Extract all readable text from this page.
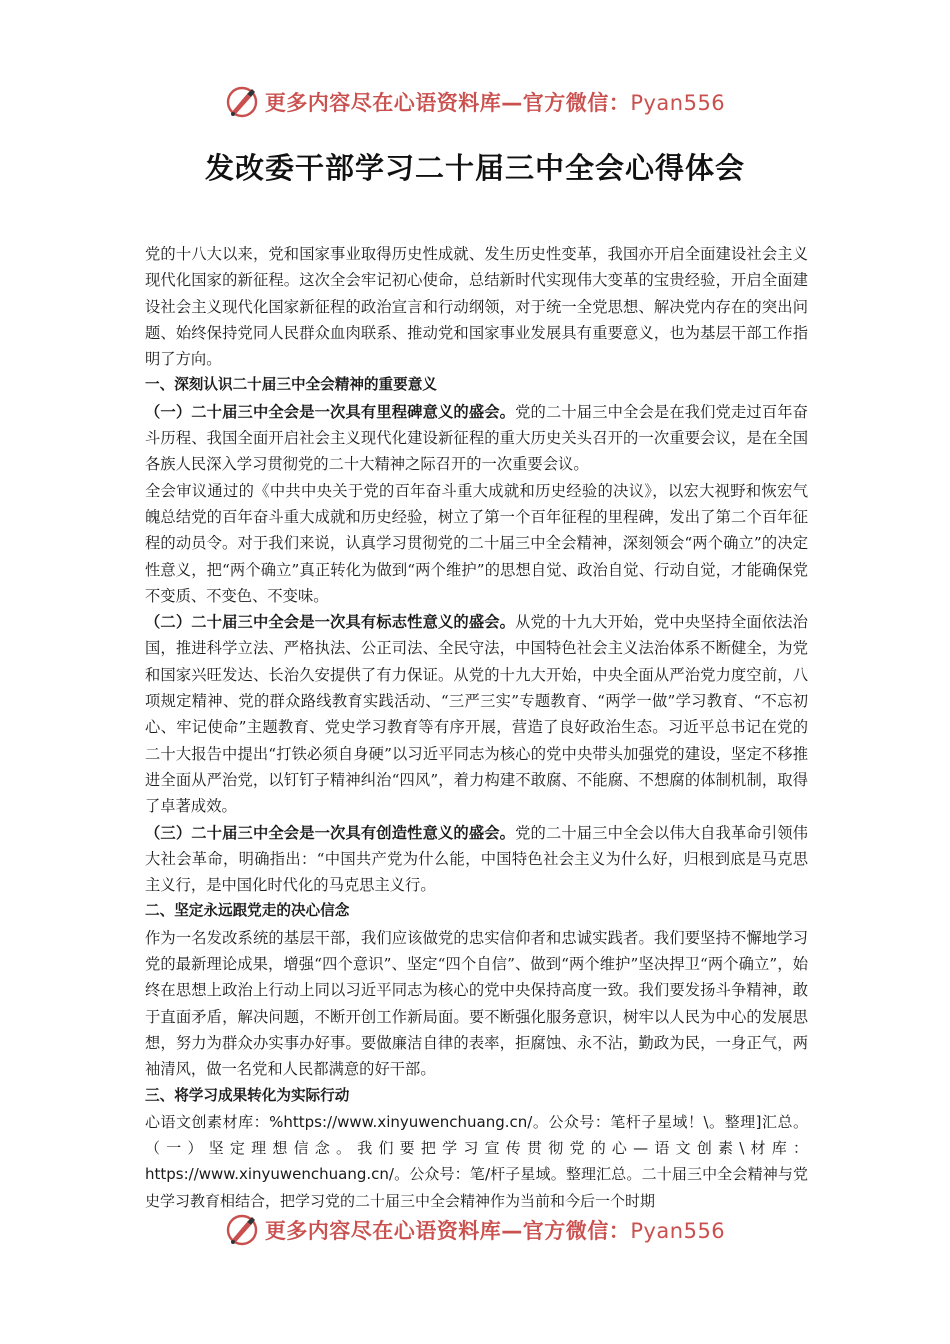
更多内容尽在心语资料库—官方微信：Pyan556
发改委干部学习二十届三中全会心得体会

党的十八大以来，党和国家事业取得历史性成就、发生历史性变革，我国亦开启全面建设社会主义现代化国家的新征程。这次全会牢记初心使命，总结新时代实现伟大变革的宝贵经验，开启全面建设社会主义现代化国家新征程的政治宣言和行动纲领，对于统一全党思想、解决党内存在的突出问题、始终保持党同人民群众血肉联系、推动党和国家事业发展具有重要意义，也为基层干部工作指明了方向。

一、深刻认识二十届三中全会精神的重要意义

（一）二十届三中全会是一次具有里程碑意义的盛会。党的二十届三中全会是在我们党走过百年奋斗历程、我国全面开启社会主义现代化建设新征程的重大历史关头召开的一次重要会议，是在全国各族人民深入学习贯彻党的二十大精神之际召开的一次重要会议。

全会审议通过的《中共中央关于党的百年奋斗重大成就和历史经验的决议》，以宏大视野和恢宏气魄总结党的百年奋斗重大成就和历史经验，树立了第一个百年征程的里程碑，发出了第二个百年征程的动员令。对于我们来说，认真学习贯彻党的二十届三中全会精神，深刻领会“两个确立”的决定性意义，把“两个确立”真正转化为做到“两个维护”的思想自觉、政治自觉、行动自觉，才能确保党不变质、不变色、不变味。

（二）二十届三中全会是一次具有标志性意义的盛会。从党的十九大开始，党中央坚持全面依法治国，推进科学立法、严格执法、公正司法、全民守法，中国特色社会主义法治体系不断健全，为党和国家兴旺发达、长治久安提供了有力保证。从党的十九大开始，中央全面从严治党力度空前，八项规定精神、党的群众路线教育实践活动、“三严三实”专题教育、“两学一做”学习教育、“不忘初心、牢记使命”主题教育、党史学习教育等有序开展，营造了良好政治生态。习近平总书记在党的二十大报告中提出“打铁必须自身硬”以习近平同志为核心的党中央带头加强党的建设，坚定不移推进全面从严治党，以钉钉子精神纠治“四风”，着力构建不敢腐、不能腐、不想腐的体制机制，取得了卓著成效。

（三）二十届三中全会是一次具有创造性意义的盛会。党的二十届三中全会以伟大自我革命引领伟大社会革命，明确指出：“中国共产党为什么能，中国特色社会主义为什么好，归根到底是马克思主义行，是中国化时代化的马克思主义行。

二、坚定永远跟党走的决心信念

作为一名发改系统的基层干部，我们应该做党的忠实信仰者和忠诚实践者。我们要坚持不懈地学习党的最新理论成果，增强“四个意识”、坚定“四个自信”、做到“两个维护”坚决捍卫“两个确立”，始终在思想上政治上行动上同以习近平同志为核心的党中央保持高度一致。我们要发扬斗争精神，敢于直面矛盾，解决问题，不断开创工作新局面。要不断强化服务意识，树牢以人民为中心的发展思想，努力为群众办实事办好事。要做廉洁自律的表率，拒腐蚀、永不沾，勤政为民，一身正气，两袖清风，做一名党和人民都满意的好干部。

三、将学习成果转化为实际行动

心语文创素材库：%https://www.xinyuwenchuang.cn/。公众号：笔杆子星域！\。整理]汇总。（一）坚定理想信念。我们要把学习宣传贯彻党的心—语文创素\材库：https://www.xinyuwenchuang.cn/。公众号：笔/杆子星域。整理汇总。二十届三中全会精神与党史学习教育相结合，把学习党的二十届三中全会精神作为当前和今后一个时期

更多内容尽在心语资料库—官方微信：Pyan556
